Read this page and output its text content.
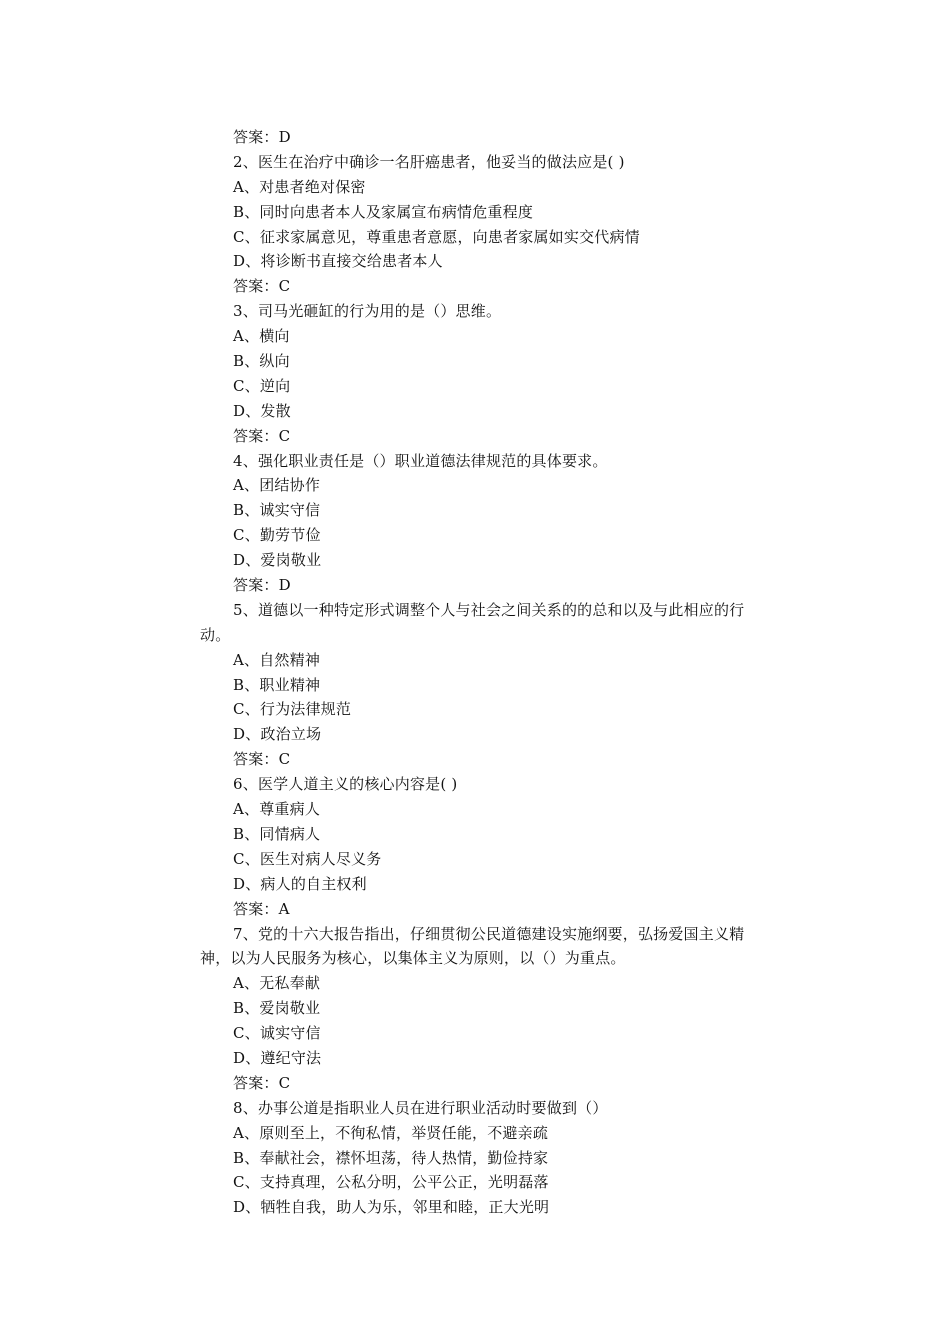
答案：D
2、医生在治疗中确诊一名肝癌患者，他妥当的做法应是( )
A、对患者绝对保密
B、同时向患者本人及家属宣布病情危重程度
C、征求家属意见，尊重患者意愿，向患者家属如实交代病情
D、将诊断书直接交给患者本人
答案：C
3、司马光砸缸的行为用的是（）思维。
A、横向
B、纵向
C、逆向
D、发散
答案：C
4、强化职业责任是（）职业道德法律规范的具体要求。
A、团结协作
B、诚实守信
C、勤劳节俭
D、爱岗敬业
答案：D
5、道德以一种特定形式调整个人与社会之间关系的的总和以及与此相应的行
动。
A、自然精神
B、职业精神
C、行为法律规范
D、政治立场
答案：C
6、医学人道主义的核心内容是( )
A、尊重病人
B、同情病人
C、医生对病人尽义务
D、病人的自主权利
答案：A
7、党的十六大报告指出，仔细贯彻公民道德建设实施纲要，弘扬爱国主义精
神，以为人民服务为核心，以集体主义为原则，以（）为重点。
A、无私奉献
B、爱岗敬业
C、诚实守信
D、遵纪守法
答案：C
8、办事公道是指职业人员在进行职业活动时要做到（）
A、原则至上，不徇私情，举贤任能，不避亲疏
B、奉献社会，襟怀坦荡，待人热情，勤俭持家
C、支持真理，公私分明，公平公正，光明磊落
D、牺牲自我，助人为乐，邻里和睦，正大光明
